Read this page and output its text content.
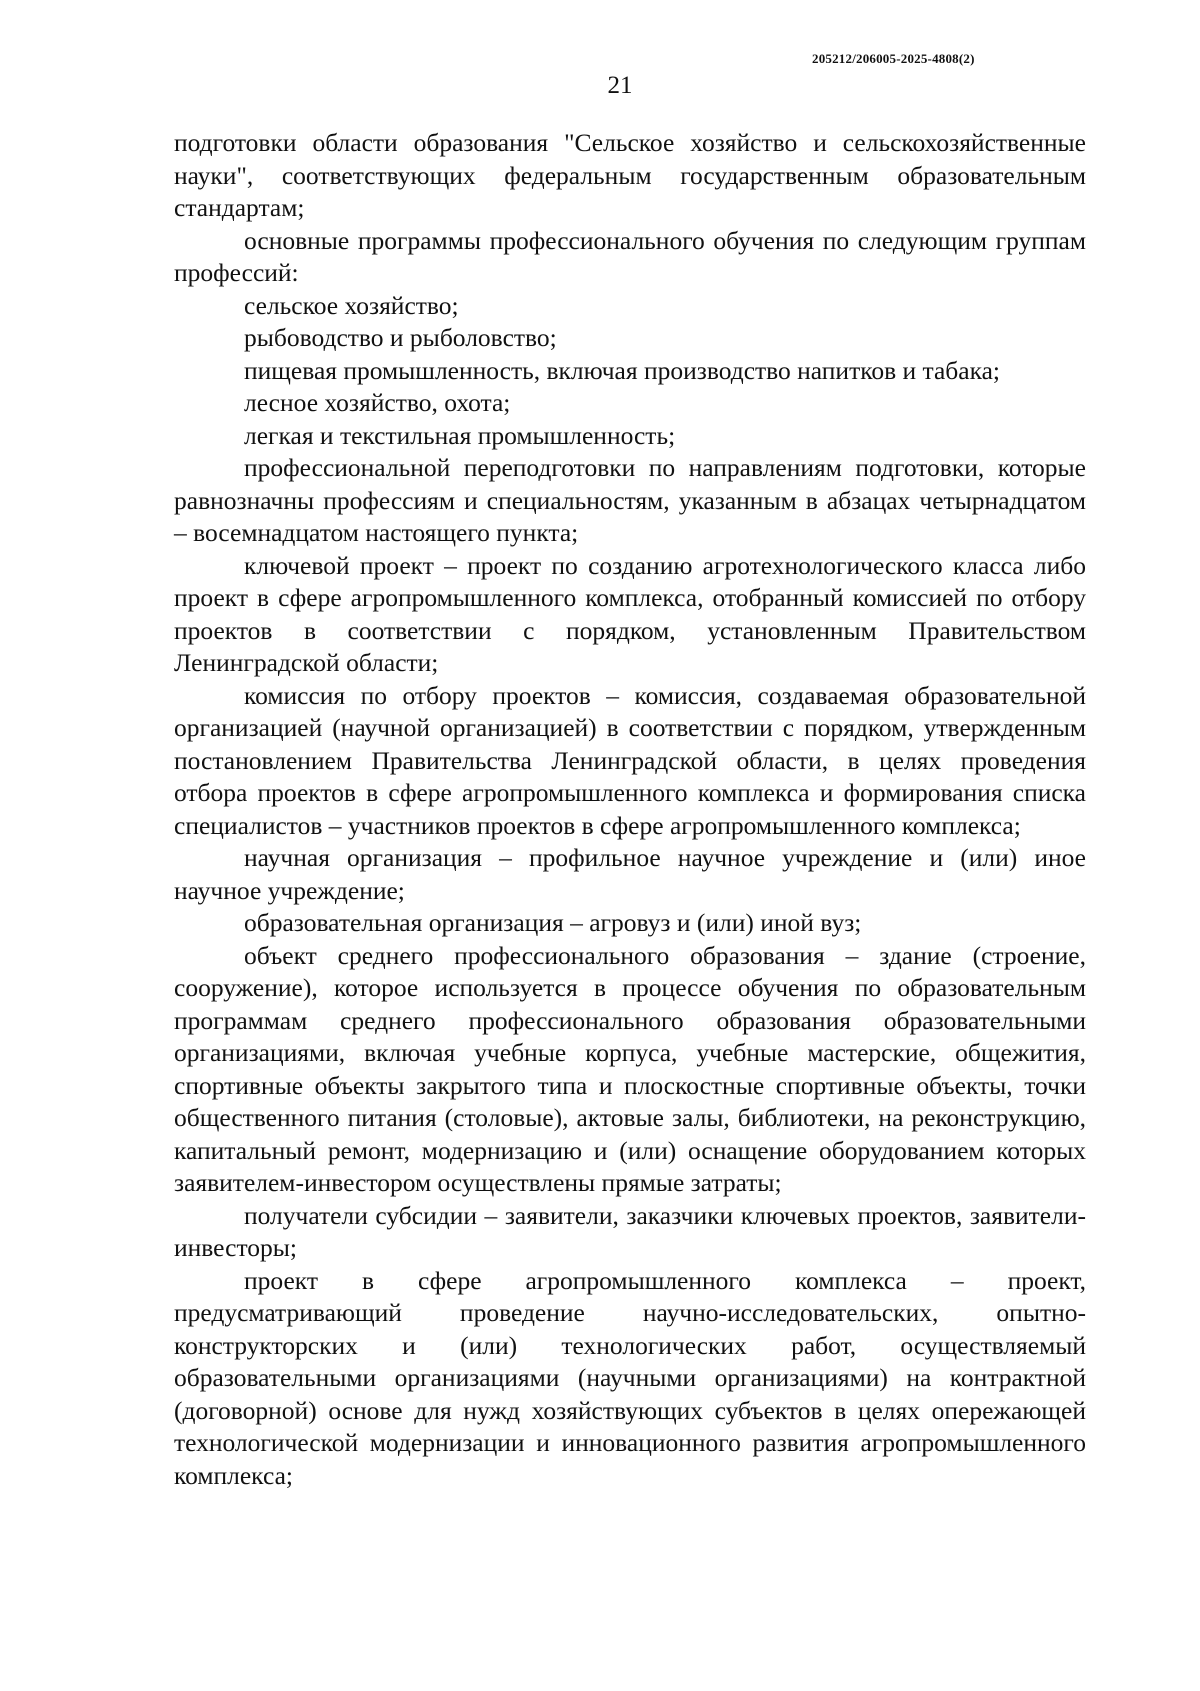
205212/206005-2025-4808(2)
21

подготовки области образования "Сельское хозяйство и сельскохозяйственные науки", соответствующих федеральным государственным образовательным стандартам;

основные программы профессионального обучения по следующим группам профессий:

сельское хозяйство;

рыбоводство и рыболовство;

пищевая промышленность, включая производство напитков и табака;

лесное хозяйство, охота;

легкая и текстильная промышленность;

профессиональной переподготовки по направлениям подготовки, которые равнозначны профессиям и специальностям, указанным в абзацах четырнадцатом – восемнадцатом настоящего пункта;

ключевой проект – проект по созданию агротехнологического класса либо проект в сфере агропромышленного комплекса, отобранный комиссией по отбору проектов в соответствии с порядком, установленным Правительством Ленинградской области;

комиссия по отбору проектов – комиссия, создаваемая образовательной организацией (научной организацией) в соответствии с порядком, утвержденным постановлением Правительства Ленинградской области, в целях проведения отбора проектов в сфере агропромышленного комплекса и формирования списка специалистов – участников проектов в сфере агропромышленного комплекса;

научная организация – профильное научное учреждение и (или) иное научное учреждение;

образовательная организация – агровуз и (или) иной вуз;

объект среднего профессионального образования – здание (строение, сооружение), которое используется в процессе обучения по образовательным программам среднего профессионального образования образовательными организациями, включая учебные корпуса, учебные мастерские, общежития, спортивные объекты закрытого типа и плоскостные спортивные объекты, точки общественного питания (столовые), актовые залы, библиотеки, на реконструкцию, капитальный ремонт, модернизацию и (или) оснащение оборудованием которых заявителем-инвестором осуществлены прямые затраты;

получатели субсидии – заявители, заказчики ключевых проектов, заявители-инвесторы;

проект в сфере агропромышленного комплекса – проект, предусматривающий проведение научно-исследовательских, опытно-конструкторских и (или) технологических работ, осуществляемый образовательными организациями (научными организациями) на контрактной (договорной) основе для нужд хозяйствующих субъектов в целях опережающей технологической модернизации и инновационного развития агропромышленного комплекса;
